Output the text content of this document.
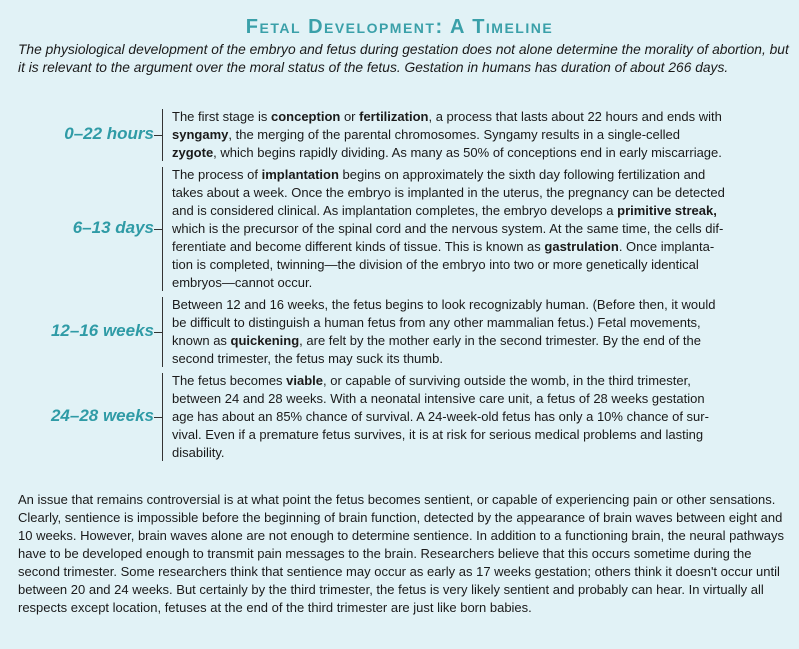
Fetal Development: A Timeline

The physiological development of the embryo and fetus during gestation does not alone determine the morality of abortion, but it is relevant to the argument over the moral status of the fetus. Gestation in humans has duration of about 266 days.

0–22 hours
The first stage is conception or fertilization, a process that lasts about 22 hours and ends with
syngamy, the merging of the parental chromosomes. Syngamy results in a single-celled
zygote, which begins rapidly dividing. As many as 50% of conceptions end in early miscarriage.
6–13 days
The process of implantation begins on approximately the sixth day following fertilization and
takes about a week. Once the embryo is implanted in the uterus, the pregnancy can be detected
and is considered clinical. As implantation completes, the embryo develops a primitive streak,
which is the precursor of the spinal cord and the nervous system. At the same time, the cells dif-
ferentiate and become different kinds of tissue. This is known as gastrulation. Once implanta-
tion is completed, twinning—the division of the embryo into two or more genetically identical
embryos—cannot occur.
12–16 weeks
Between 12 and 16 weeks, the fetus begins to look recognizably human. (Before then, it would
be difficult to distinguish a human fetus from any other mammalian fetus.) Fetal movements,
known as quickening, are felt by the mother early in the second trimester. By the end of the
second trimester, the fetus may suck its thumb.
24–28 weeks
The fetus becomes viable, or capable of surviving outside the womb, in the third trimester,
between 24 and 28 weeks. With a neonatal intensive care unit, a fetus of 28 weeks gestation
age has about an 85% chance of survival. A 24-week-old fetus has only a 10% chance of sur-
vival. Even if a premature fetus survives, it is at risk for serious medical problems and lasting
disability.

An issue that remains controversial is at what point the fetus becomes sentient, or capable of experiencing pain or other sensations. Clearly, sentience is impossible before the beginning of brain function, detected by the appearance of brain waves between eight and 10 weeks. However, brain waves alone are not enough to determine sentience. In addition to a functioning brain, the neural pathways have to be developed enough to transmit pain messages to the brain. Researchers believe that this occurs sometime during the second trimester. Some researchers think that sentience may occur as early as 17 weeks gestation; others think it doesn't occur until between 20 and 24 weeks. But certainly by the third trimester, the fetus is very likely sentient and probably can hear. In virtually all respects except location, fetuses at the end of the third trimester are just like born babies.
